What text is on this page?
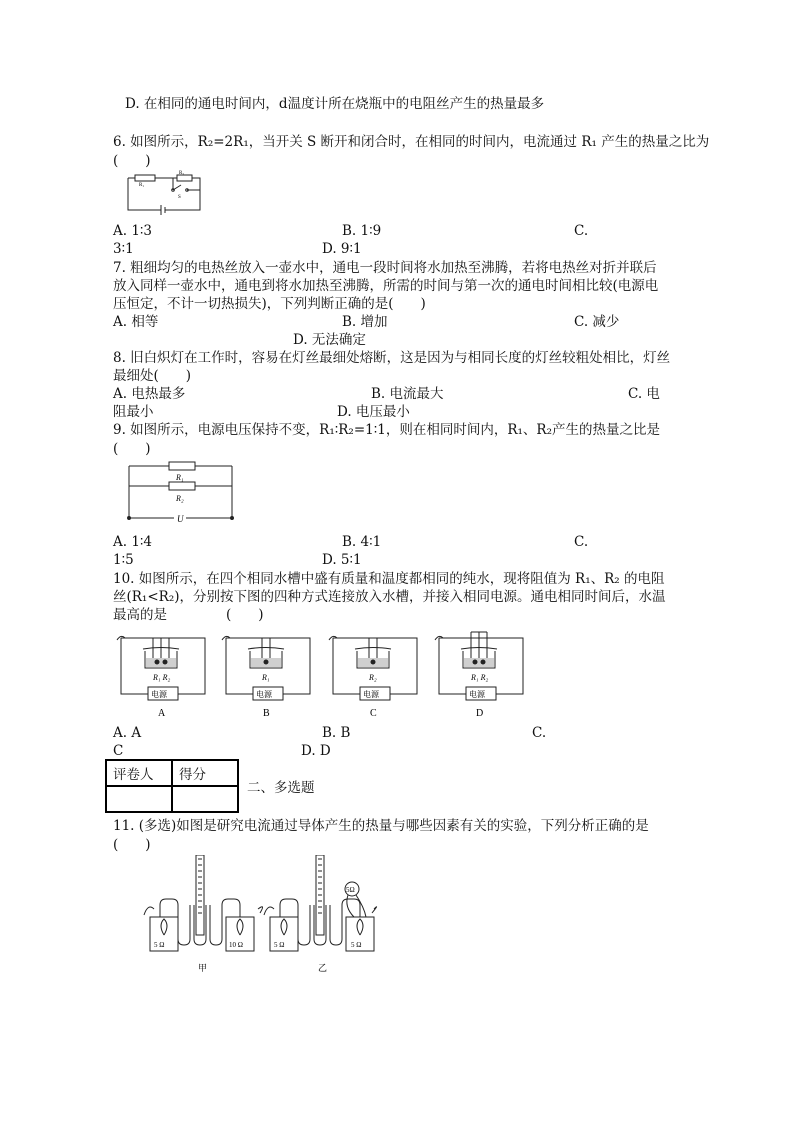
D. 在相同的通电时间内，d温度计所在烧瓶中的电阻丝产生的热量最多
6. 如图所示，R₂=2R₁，当开关 S 断开和闭合时，在相同的时间内，电流通过 R₁ 产生的热量之比为
(　　)
R₁
R₂
S
A. 1∶3	B. 1∶9	C.
3∶1	D. 9∶1
7. 粗细均匀的电热丝放入一壶水中，通电一段时间将水加热至沸腾，若将电热丝对折并联后
放入同样一壶水中，通电到将水加热至沸腾，所需的时间与第一次的通电时间相比较(电源电
压恒定，不计一切热损失)，下列判断正确的是(　　)
A. 相等	B. 增加	C. 减少
D. 无法确定
8. 旧白炽灯在工作时，容易在灯丝最细处熔断，这是因为与相同长度的灯丝较粗处相比，灯丝
最细处(　　)
A. 电热最多	B. 电流最大	C. 电
阻最小	D. 电压最小
9. 如图所示，电源电压保持不变，R₁∶R₂=1∶1，则在相同时间内，R₁、R₂产生的热量之比是
(　　)
R₁
R₂
U
A. 1∶4	B. 4∶1	C.
1∶5	D. 5∶1
10. 如图所示，在四个相同水槽中盛有质量和温度都相同的纯水，现将阻值为 R₁、R₂ 的电阻
丝(R₁<R₂)，分别按下图的四种方式连接放入水槽，并接入相同电源。通电相同时间后，水温
最高的是	(　　)
R₁ R₂
电源
A
R₁
电源
B
R₂
电源
C
R₁ R₂
电源
D
A. A	B. B	C.
C	D. D
评卷人	得分	

二、多选题
11. (多选)如图是研究电流通过导体产生的热量与哪些因素有关的实验，下列分析正确的是
(　　)
5 Ω	10 Ω
甲
5 Ω	5 Ω
5Ω
乙
